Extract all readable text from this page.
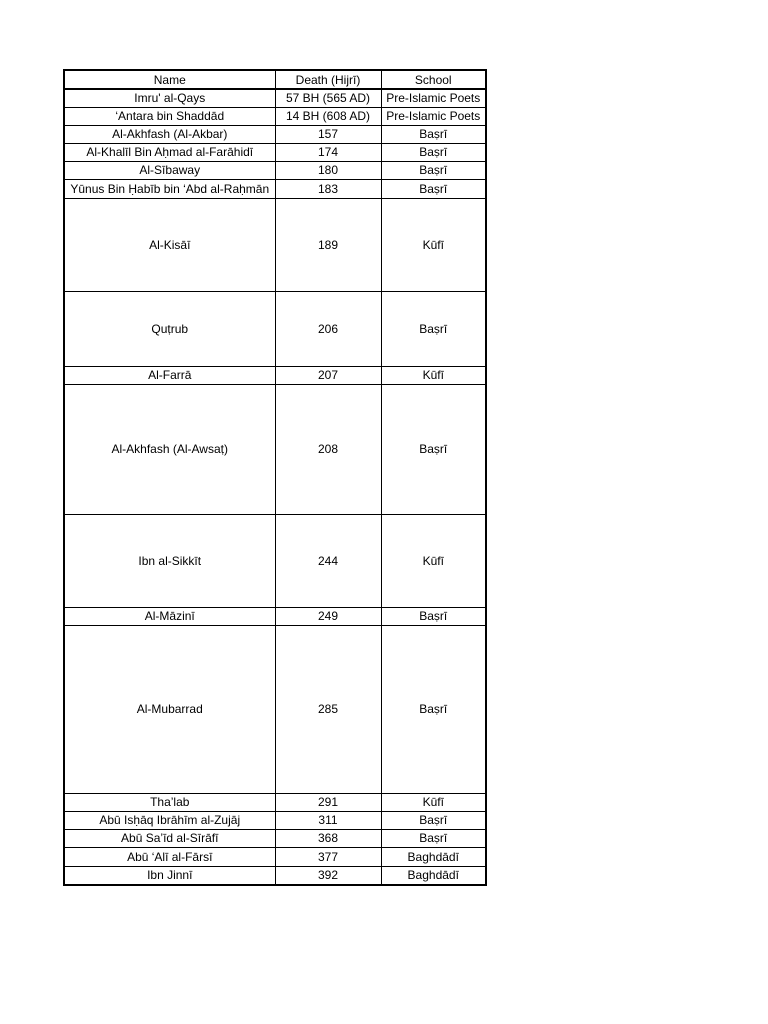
Name	Death (Hijrī)	School
Imru' al-Qays	57 BH (565 AD)	Pre-Islamic Poets
‘Antara bin Shaddād	14 BH (608 AD)	Pre-Islamic Poets
Al-Akhfash (Al-Akbar)	157	Baṣrī
Al-Khalīl Bin Aḥmad al-Farāhidī	174	Baṣrī
Al-Sībaway	180	Baṣrī
Yūnus Bin Ḥabīb bin ‘Abd al-Raḥmān	183	Baṣrī
Al-Kisāī	189	Kūfī
Quṭrub	206	Baṣrī
Al-Farrā	207	Kūfī
Al-Akhfash (Al-Awsaṭ)	208	Baṣrī
Ibn al-Sikkīt	244	Kūfī
Al-Māzinī	249	Baṣrī
Al-Mubarrad	285	Baṣrī
Tha’lab	291	Kūfī
Abū Isḥāq Ibrāhīm al-Zujāj	311	Baṣrī
Abū Sa’īd al-Sīrāfī	368	Baṣrī
Abū ‘Alī al-Fārsī	377	Baghdādī
Ibn Jinnī	392	Baghdādī
